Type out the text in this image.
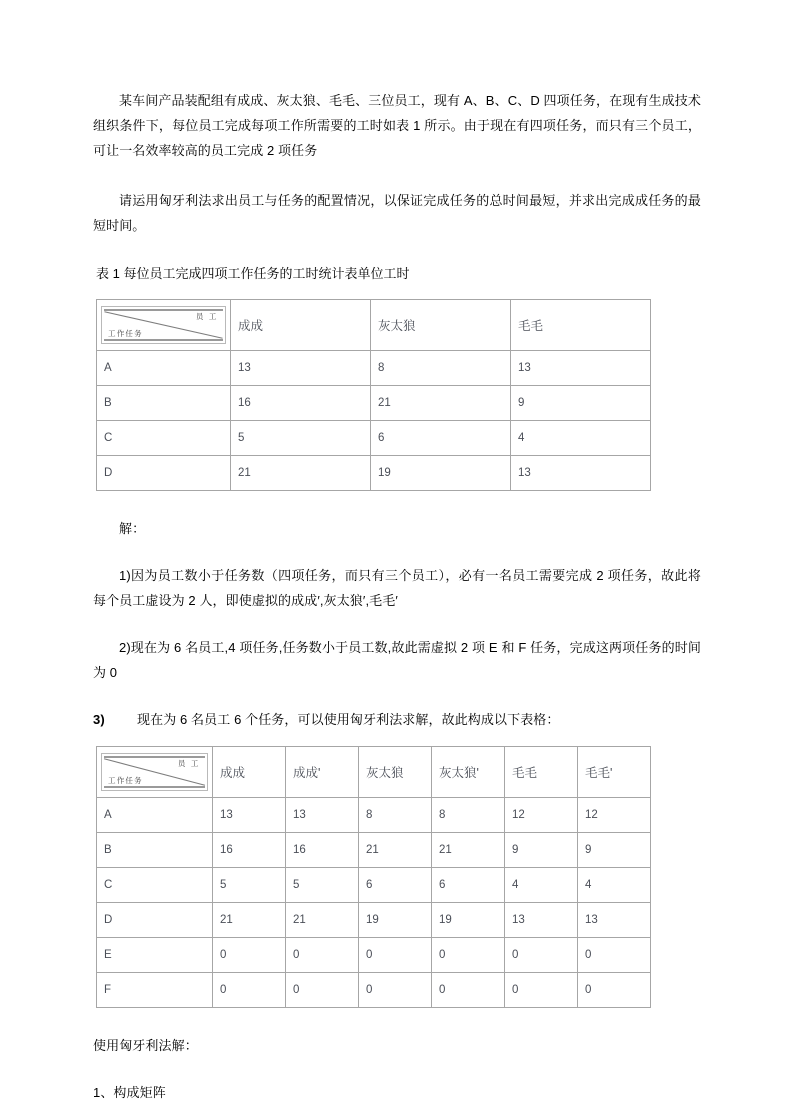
某车间产品装配组有成成、灰太狼、毛毛、三位员工，现有 A、B、C、D 四项任务，在现有生成技术组织条件下，每位员工完成每项工作所需要的工时如表 1 所示。由于现在有四项任务，而只有三个员工，可让一名效率较高的员工完成 2 项任务

请运用匈牙利法求出员工与任务的配置情况，以保证完成任务的总时间最短，并求出完成成任务的最短时间。

表 1 每位员工完成四项工作任务的工时统计表单位工时

员 工
工作任务	成成	灰太狼	毛毛
A	13	8	13
B	16	21	9
C	5	6	4
D	21	19	13

解：

1)因为员工数小于任务数（四项任务，而只有三个员工），必有一名员工需要完成 2 项任务，故此将每个员工虚设为 2 人，即使虚拟的成成′,灰太狼′,毛毛′

2)现在为 6 名员工,4 项任务,任务数小于员工数,故此需虚拟 2 项 E 和 F 任务，完成这两项任务的时间为 0

3) 现在为 6 名员工 6 个任务，可以使用匈牙利法求解，故此构成以下表格：

员 工
工作任务	成成	成成'	灰太狼	灰太狼'	毛毛	毛毛'
A	13	13	8	8	12	12
B	16	16	21	21	9	9
C	5	5	6	6	4	4
D	21	21	19	19	13	13
E	0	0	0	0	0	0
F	0	0	0	0	0	0

使用匈牙利法解：

1、构成矩阵
